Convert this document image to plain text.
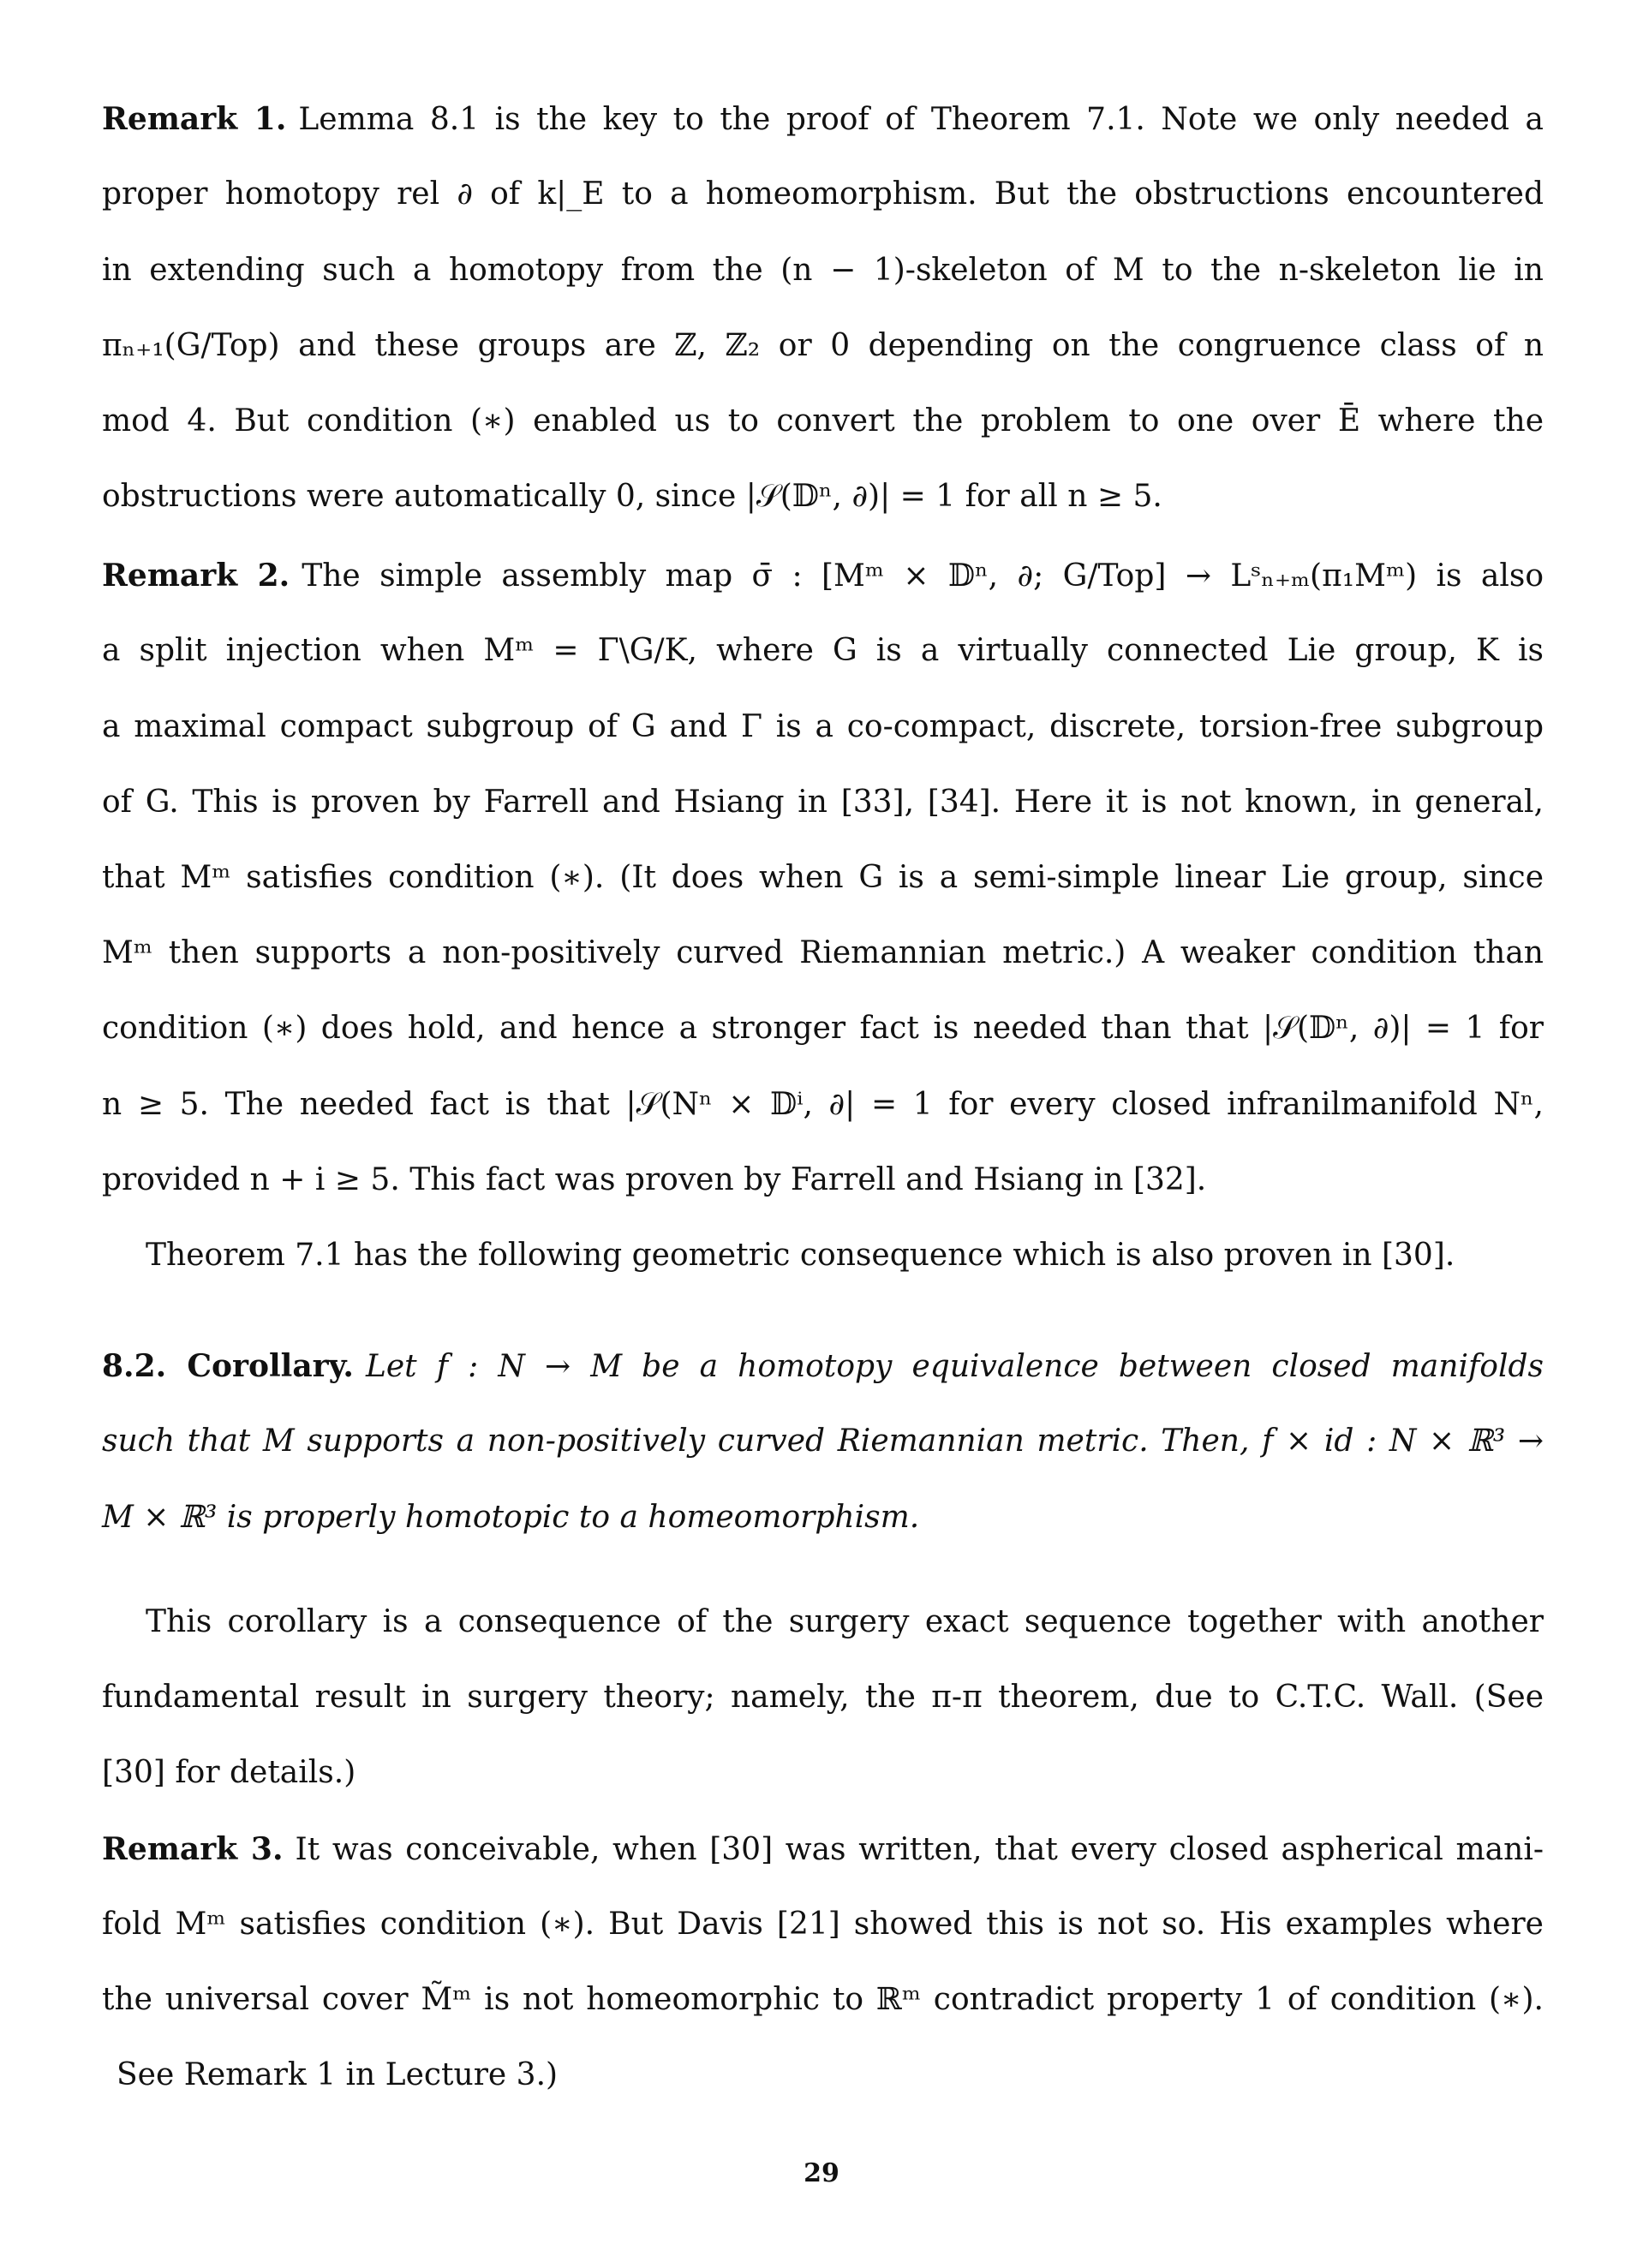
Remark 1. Lemma 8.1 is the key to the proof of Theorem 7.1. Note we only needed a
proper homotopy rel ∂ of k|_E to a homeomorphism. But the obstructions encountered
in extending such a homotopy from the (n − 1)-skeleton of M to the n-skeleton lie in
πₙ₊₁(G/Top) and these groups are ℤ, ℤ₂ or 0 depending on the congruence class of n
mod 4. But condition (∗) enabled us to convert the problem to one over Ē where the
obstructions were automatically 0, since |𝒮(𝔻ⁿ, ∂)| = 1 for all n ≥ 5.
Remark 2. The simple assembly map σ̄ : [Mᵐ × 𝔻ⁿ, ∂; G/Top] → Lˢₙ₊ₘ(π₁Mᵐ) is also
a split injection when Mᵐ = Γ\G/K, where G is a virtually connected Lie group, K is
a maximal compact subgroup of G and Γ is a co-compact, discrete, torsion-free subgroup
of G. This is proven by Farrell and Hsiang in [33], [34]. Here it is not known, in general,
that Mᵐ satisfies condition (∗). (It does when G is a semi-simple linear Lie group, since
Mᵐ then supports a non-positively curved Riemannian metric.) A weaker condition than
condition (∗) does hold, and hence a stronger fact is needed than that |𝒮(𝔻ⁿ, ∂)| = 1 for
n ≥ 5. The needed fact is that |𝒮(Nⁿ × 𝔻ⁱ, ∂| = 1 for every closed infranilmanifold Nⁿ,
provided n + i ≥ 5. This fact was proven by Farrell and Hsiang in [32].
Theorem 7.1 has the following geometric consequence which is also proven in [30].
8.2. Corollary. Let f : N → M be a homotopy equivalence between closed manifolds
such that M supports a non-positively curved Riemannian metric. Then, f × id : N × ℝ³ →
M × ℝ³ is properly homotopic to a homeomorphism.
This corollary is a consequence of the surgery exact sequence together with another
fundamental result in surgery theory; namely, the π-π theorem, due to C.T.C. Wall. (See
[30] for details.)
Remark 3. It was conceivable, when [30] was written, that every closed aspherical mani-
fold Mᵐ satisfies condition (∗). But Davis [21] showed this is not so. His examples where
the universal cover M̃ᵐ is not homeomorphic to ℝᵐ contradict property 1 of condition (∗).
See Remark 1 in Lecture 3.)
29
